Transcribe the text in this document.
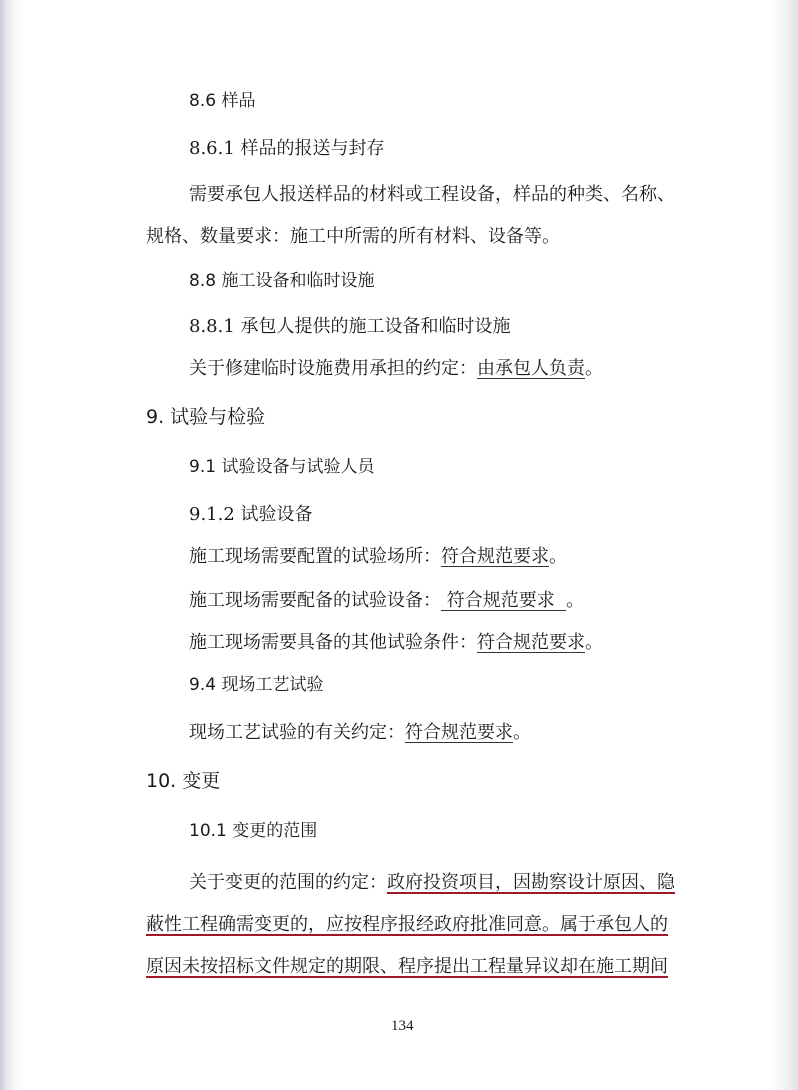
8.6 样品
8.6.1 样品的报送与封存
需要承包人报送样品的材料或工程设备，样品的种类、名称、
规格、数量要求：施工中所需的所有材料、设备等。
8.8 施工设备和临时设施
8.8.1 承包人提供的施工设备和临时设施
关于修建临时设施费用承担的约定：由承包人负责。
9. 试验与检验
9.1 试验设备与试验人员
9.1.2 试验设备
施工现场需要配置的试验场所：符合规范要求。
施工现场需要配备的试验设备： 符合规范要求  。
施工现场需要具备的其他试验条件：符合规范要求。
9.4 现场工艺试验
现场工艺试验的有关约定：符合规范要求。
10. 变更
10.1 变更的范围
关于变更的范围的约定：政府投资项目，因勘察设计原因、隐
蔽性工程确需变更的，应按程序报经政府批准同意。属于承包人的
原因未按招标文件规定的期限、程序提出工程量异议却在施工期间
134
